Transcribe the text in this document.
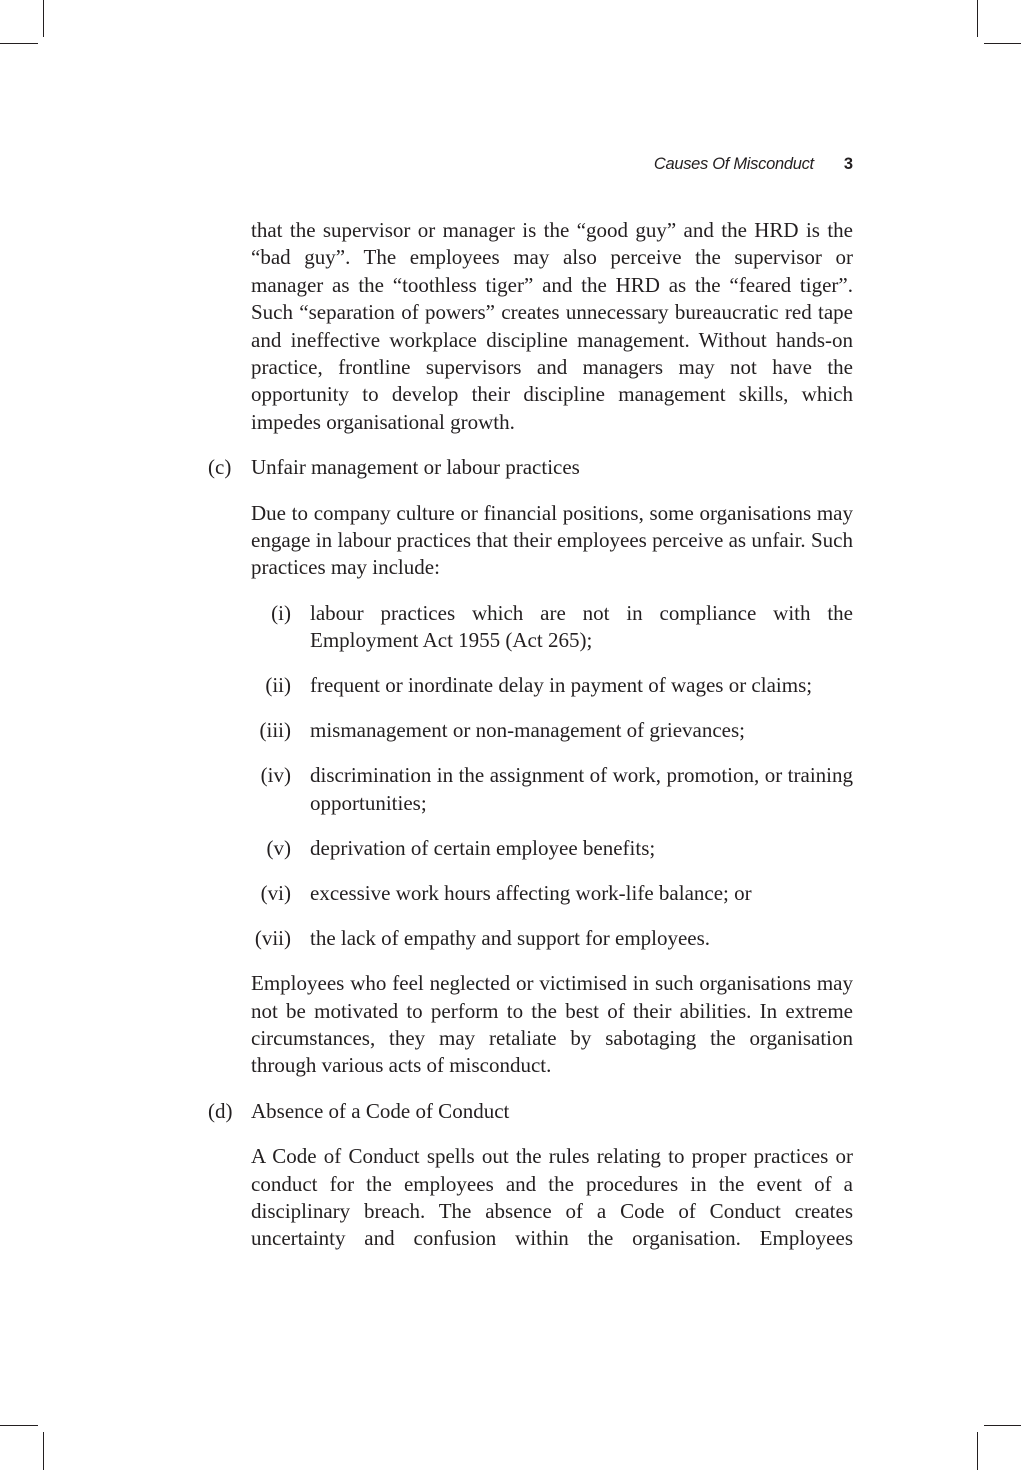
Causes Of Misconduct 3

that the supervisor or manager is the “good guy” and the HRD is the “bad guy”. The employees may also perceive the supervisor or manager as the “toothless tiger” and the HRD as the “feared tiger”. Such “separation of powers” creates unnecessary bureaucratic red tape and ineffective workplace discipline management. Without hands-on practice, frontline supervisors and managers may not have the opportunity to develop their discipline management skills, which impedes organisational growth.

(c) Unfair management or labour practices

Due to company culture or financial positions, some organisations may engage in labour practices that their employees perceive as unfair. Such practices may include:

(i) labour practices which are not in compliance with the Employment Act 1955 (Act 265);
(ii) frequent or inordinate delay in payment of wages or claims;
(iii) mismanagement or non-management of grievances;
(iv) discrimination in the assignment of work, promotion, or training opportunities;
(v) deprivation of certain employee benefits;
(vi) excessive work hours affecting work-life balance; or
(vii) the lack of empathy and support for employees.

Employees who feel neglected or victimised in such organisations may not be motivated to perform to the best of their abilities. In extreme circumstances, they may retaliate by sabotaging the organisation through various acts of misconduct.

(d) Absence of a Code of Conduct

A Code of Conduct spells out the rules relating to proper practices or conduct for the employees and the procedures in the event of a disciplinary breach. The absence of a Code of Conduct creates uncertainty and confusion within the organisation. Employees
